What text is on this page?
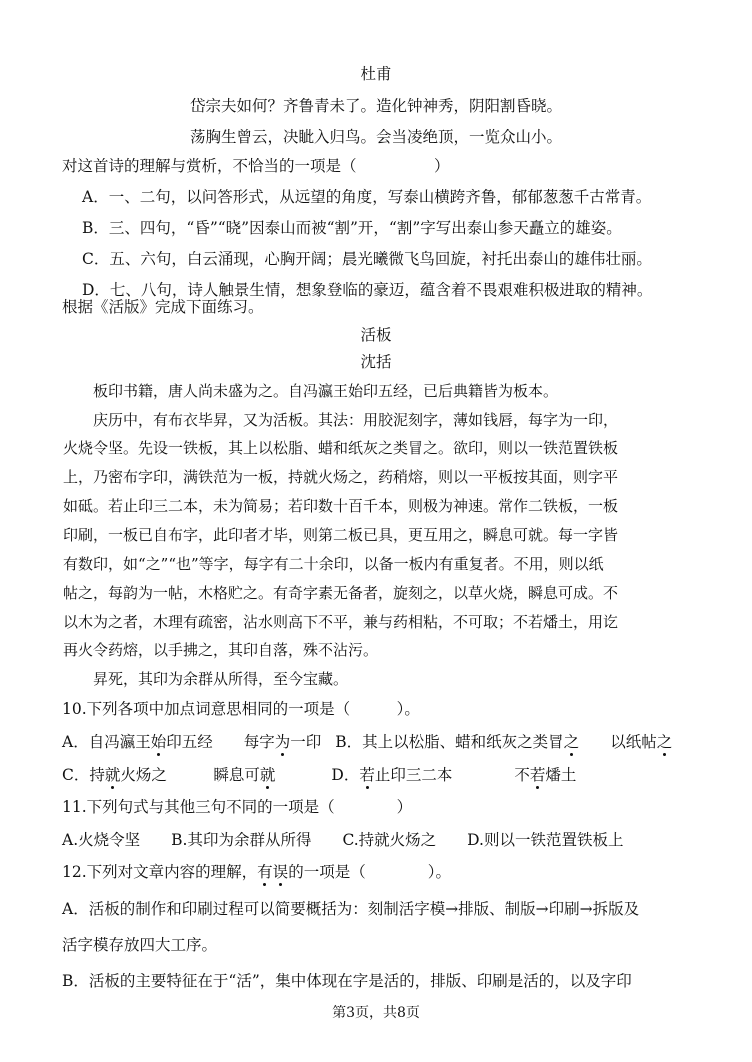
杜甫
岱宗夫如何？齐鲁青未了。造化钟神秀，阴阳割昏晓。
荡胸生曾云，决眦入归鸟。会当凌绝顶，一览众山小。
对这首诗的理解与赏析，不恰当的一项是（　　　　　）
A．一、二句，以问答形式，从远望的角度，写泰山横跨齐鲁，郁郁葱葱千古常青。
B．三、四句，“昏”“晓”因泰山而被“割”开，“割”字写出泰山参天矗立的雄姿。
C．五、六句，白云涌现，心胸开阔；晨光曦微飞鸟回旋，衬托出泰山的雄伟壮丽。
D．七、八句，诗人触景生情，想象登临的豪迈，蕴含着不畏艰难积极进取的精神。
根据《活版》完成下面练习。
活板
沈括
板印书籍，唐人尚未盛为之。自冯瀛王始印五经，已后典籍皆为板本。
庆历中，有布衣毕昇，又为活板。其法：用胶泥刻字，薄如钱唇，每字为一印，
火烧令坚。先设一铁板，其上以松脂、蜡和纸灰之类冒之。欲印，则以一铁范置铁板
上，乃密布字印，满铁范为一板，持就火炀之，药稍熔，则以一平板按其面，则字平
如砥。若止印三二本，未为简易；若印数十百千本，则极为神速。常作二铁板，一板
印刷，一板已自布字，此印者才毕，则第二板已具，更互用之，瞬息可就。每一字皆
有数印，如“之”“也”等字，每字有二十余印，以备一板内有重复者。不用，则以纸
帖之，每韵为一帖，木格贮之。有奇字素无备者，旋刻之，以草火烧，瞬息可成。不
以木为之者，木理有疏密，沾水则高下不平，兼与药相粘，不可取；不若燔土，用讫
再火令药熔，以手拂之，其印自落，殊不沾污。
昇死，其印为余群从所得，至今宝藏。
10.下列各项中加点词意思相同的一项是（　　　）。
A．自冯瀛王始印五经　　每字为一印 B．其上以松脂、蜡和纸灰之类冒之　　以纸帖之
C．持就火炀之　　　瞬息可就	D．若止印三二本　　　　不若燔土
11.下列句式与其他三句不同的一项是（　　　　）
A.火烧令坚　　B.其印为余群从所得　　C.持就火炀之　　D.则以一铁范置铁板上
12.下列对文章内容的理解，有误的一项是（　　　　）。
A．活板的制作和印刷过程可以简要概括为：刻制活字模→排版、制版→印刷→拆版及
活字模存放四大工序。
B．活板的主要特征在于“活”，集中体现在字是活的，排版、印刷是活的，以及字印
第3页，共8页
